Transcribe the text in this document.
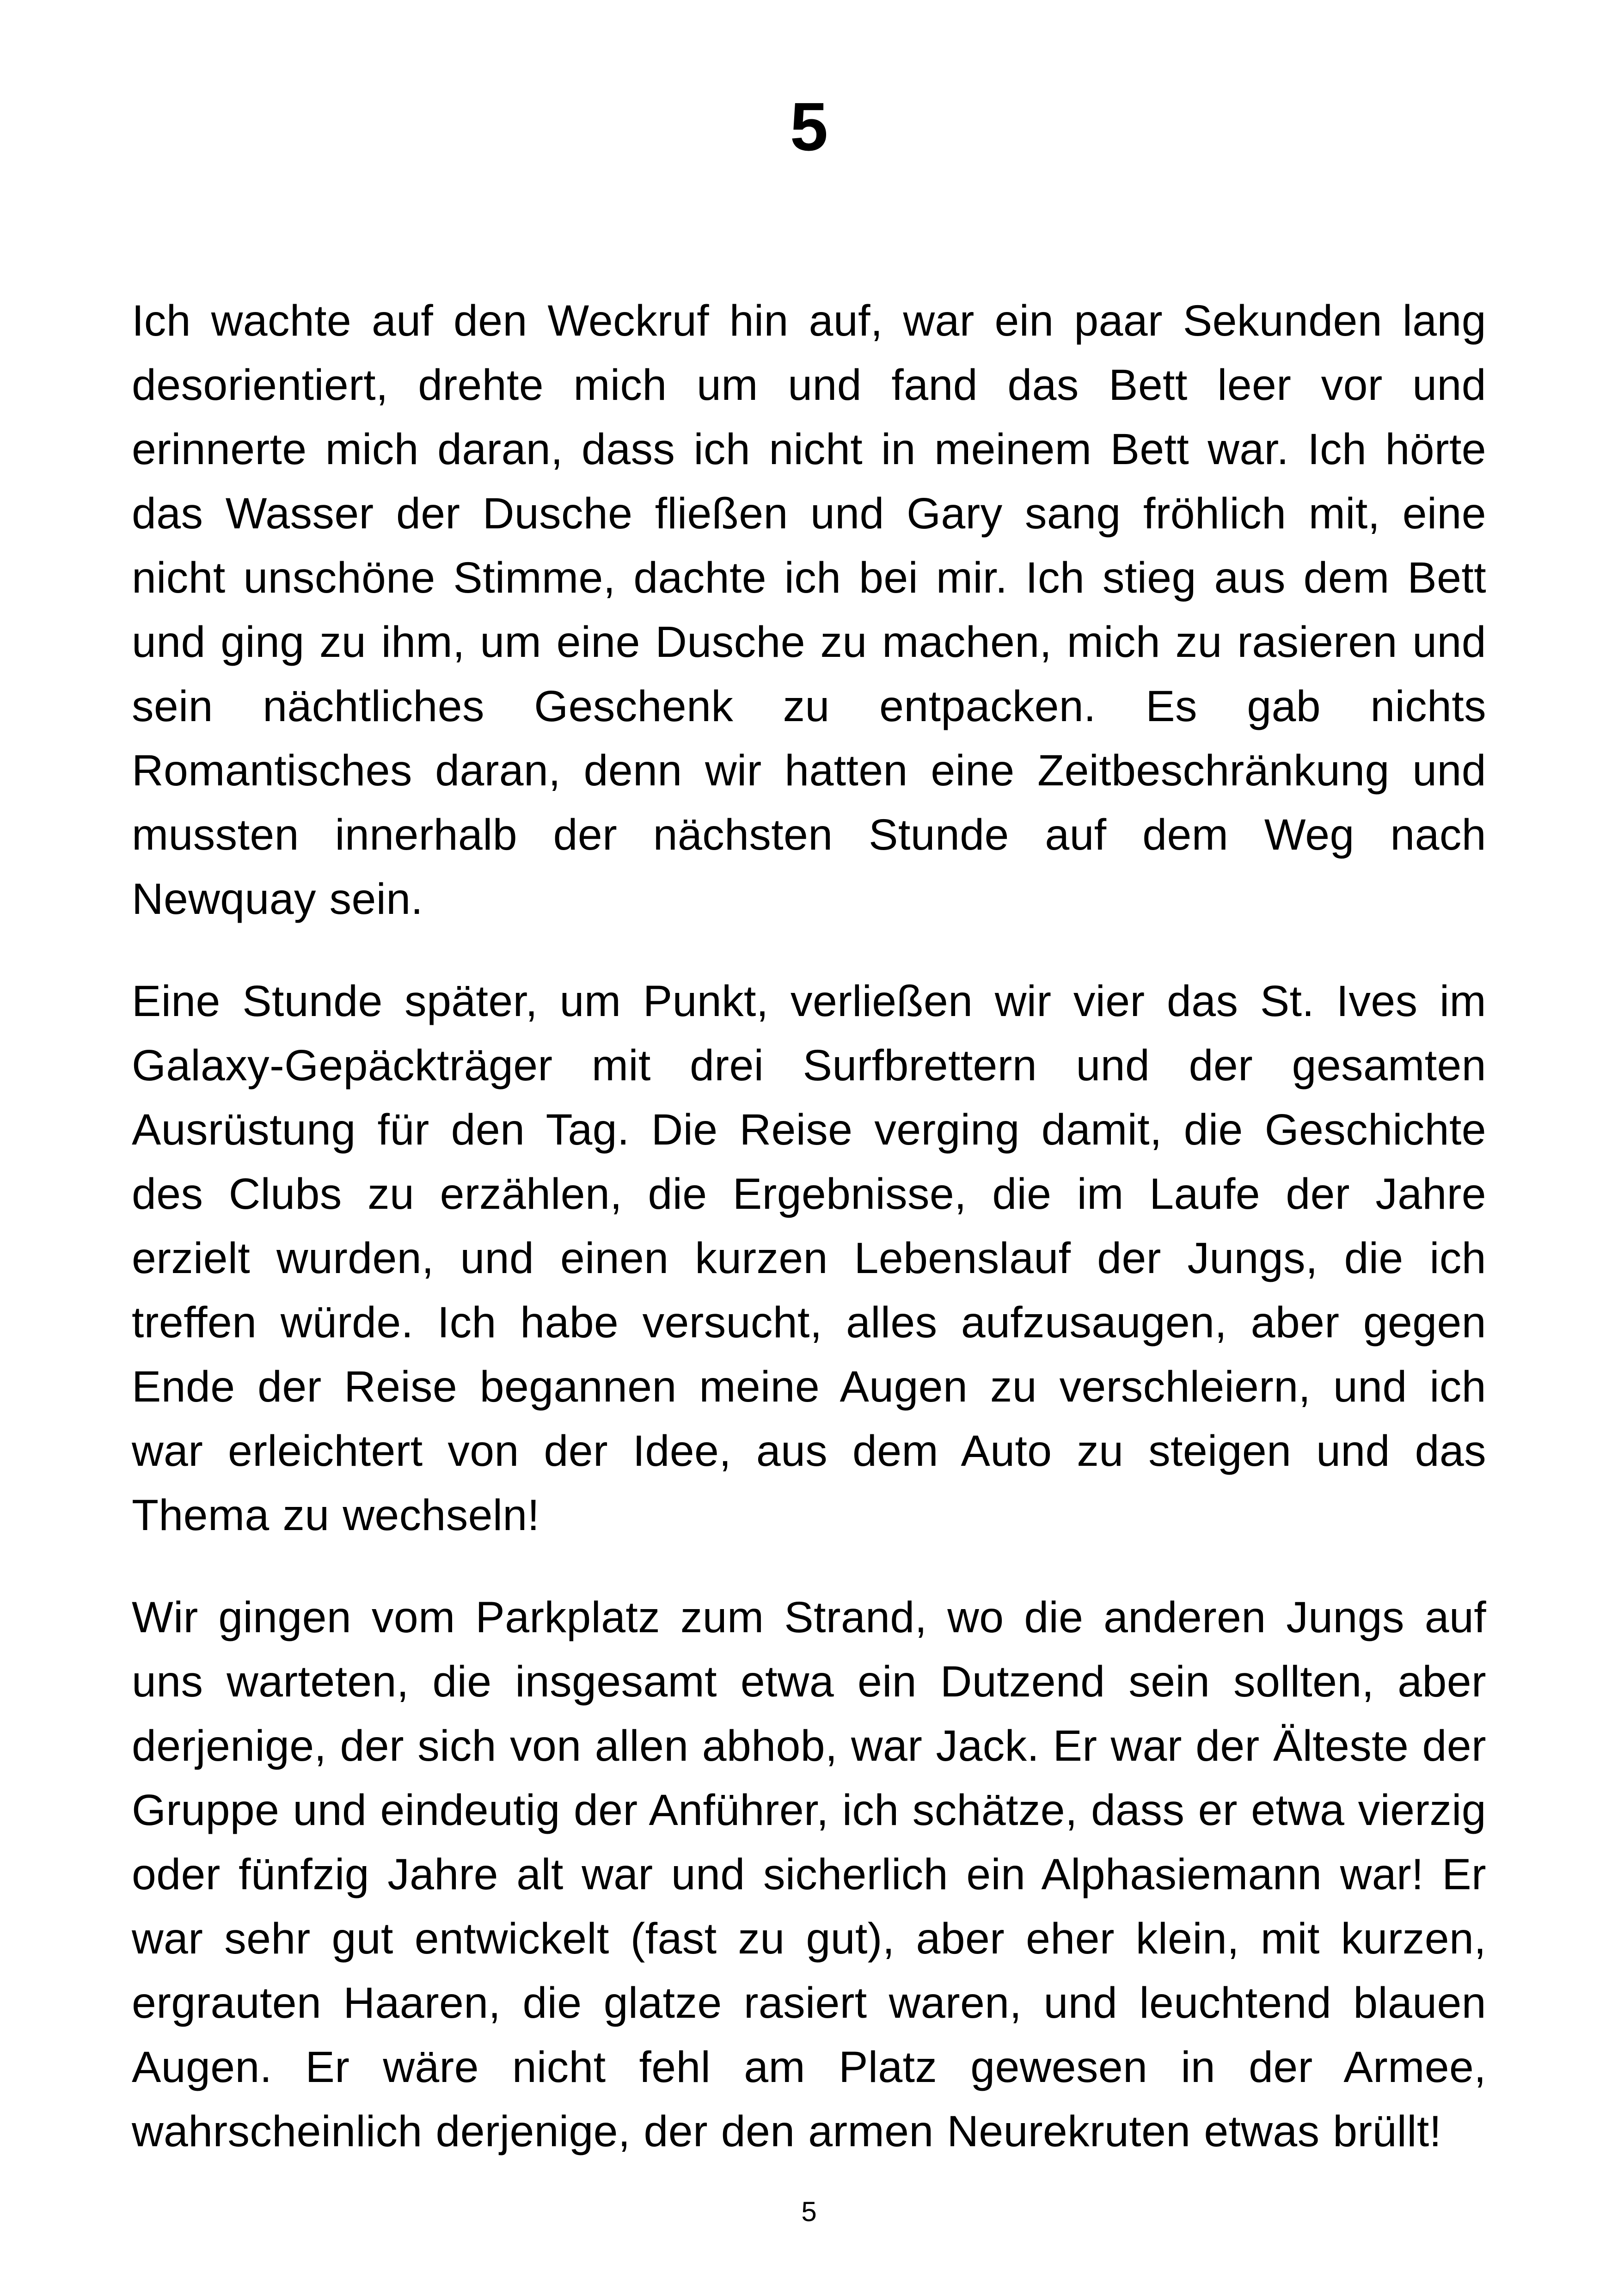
5

Ich wachte auf den Weckruf hin auf, war ein paar Sekunden lang desorientiert, drehte mich um und fand das Bett leer vor und erinnerte mich daran, dass ich nicht in meinem Bett war. Ich hörte das Wasser der Dusche fließen und Gary sang fröhlich mit, eine nicht unschöne Stimme, dachte ich bei mir. Ich stieg aus dem Bett und ging zu ihm, um eine Dusche zu machen, mich zu rasieren und sein nächtliches Geschenk zu entpacken. Es gab nichts Romantisches daran, denn wir hatten eine Zeitbeschränkung und mussten innerhalb der nächsten Stunde auf dem Weg nach Newquay sein.

Eine Stunde später, um Punkt, verließen wir vier das St. Ives im Galaxy-Gepäckträger mit drei Surfbrettern und der gesamten Ausrüstung für den Tag. Die Reise verging damit, die Geschichte des Clubs zu erzählen, die Ergebnisse, die im Laufe der Jahre erzielt wurden, und einen kurzen Lebenslauf der Jungs, die ich treffen würde. Ich habe versucht, alles aufzusaugen, aber gegen Ende der Reise begannen meine Augen zu verschleiern, und ich war erleichtert von der Idee, aus dem Auto zu steigen und das Thema zu wechseln!

Wir gingen vom Parkplatz zum Strand, wo die anderen Jungs auf uns warteten, die insgesamt etwa ein Dutzend sein sollten, aber derjenige, der sich von allen abhob, war Jack. Er war der Älteste der Gruppe und eindeutig der Anführer, ich schätze, dass er etwa vierzig oder fünfzig Jahre alt war und sicherlich ein Alphasiemann war! Er war sehr gut entwickelt (fast zu gut), aber eher klein, mit kurzen, ergrauten Haaren, die glatze rasiert waren, und leuchtend blauen Augen. Er wäre nicht fehl am Platz gewesen in der Armee, wahrscheinlich derjenige, der den armen Neurekruten etwas brüllt!

5
